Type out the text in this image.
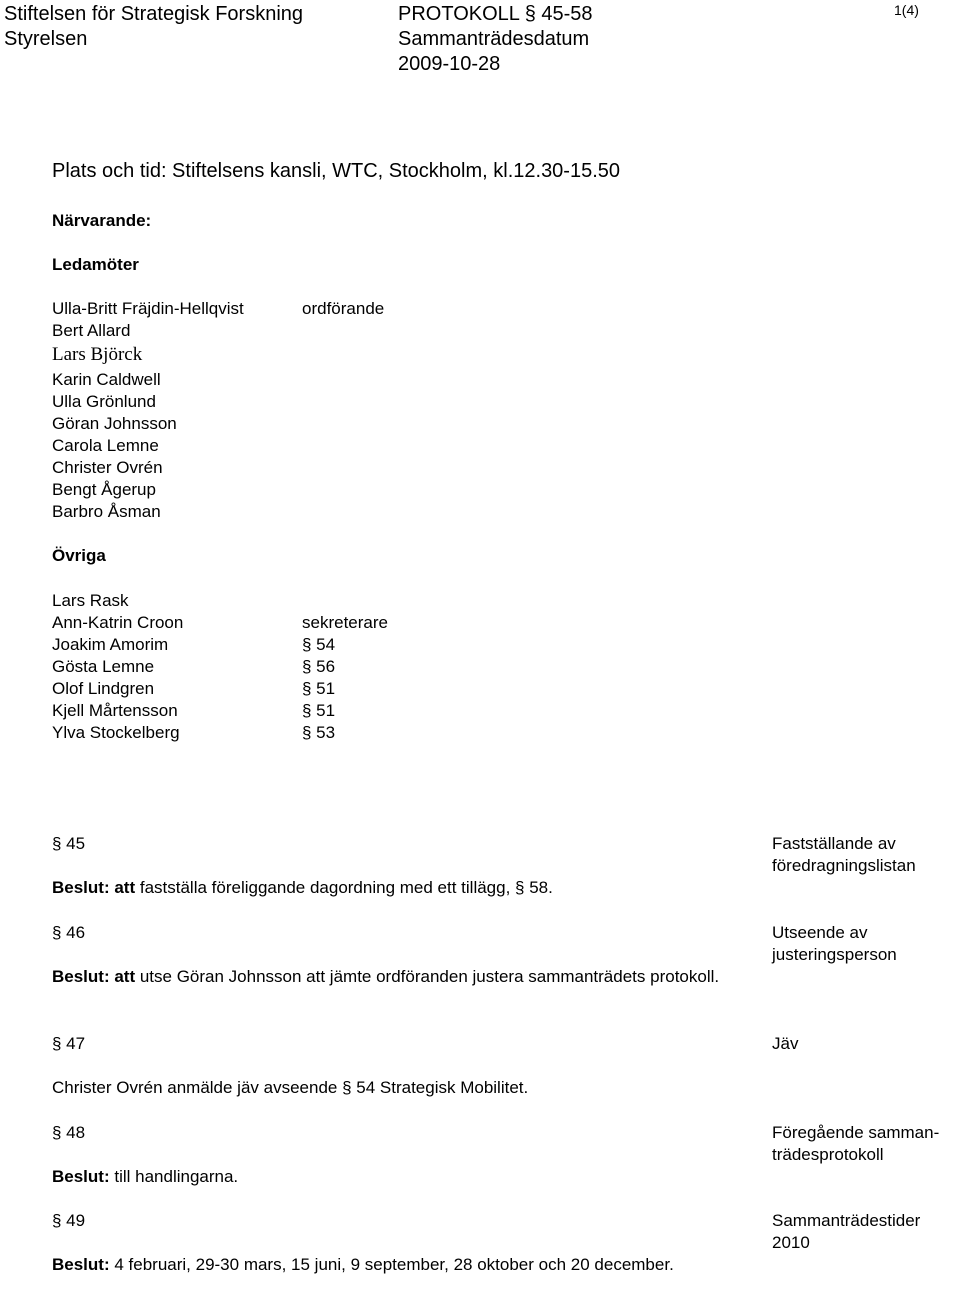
Stiftelsen för Strategisk Forskning
Styrelsen
PROTOKOLL § 45-58
Sammanträdesdatum
2009-10-28
1(4)
Plats och tid: Stiftelsens kansli, WTC, Stockholm, kl.12.30-15.50
Närvarande:
Ledamöter
Ulla-Britt Fräjdin-Hellqvist	ordförande
Bert Allard
Lars Björck
Karin Caldwell
Ulla Grönlund
Göran Johnsson
Carola Lemne
Christer Ovrén
Bengt Ågerup
Barbro Åsman
Övriga
Lars Rask
Ann-Katrin Croon	sekreterare
Joakim Amorim	§ 54
Gösta Lemne	§ 56
Olof Lindgren	§ 51
Kjell Mårtensson	§ 51
Ylva Stockelberg	§ 53
§ 45	Fastställande av
föredragningslistan
Beslut: att fastställa föreliggande dagordning med ett tillägg, § 58.
§ 46	Utseende av
justeringsperson
Beslut: att utse Göran Johnsson att jämte ordföranden justera sammanträdets protokoll.
§ 47	Jäv
Christer Ovrén anmälde jäv avseende § 54 Strategisk Mobilitet.
§ 48	Föregående samman-
trädesprotokoll
Beslut: till handlingarna.
§ 49	Sammanträdestider
2010
Beslut: 4 februari, 29-30 mars, 15 juni, 9 september, 28 oktober och 20 december.
